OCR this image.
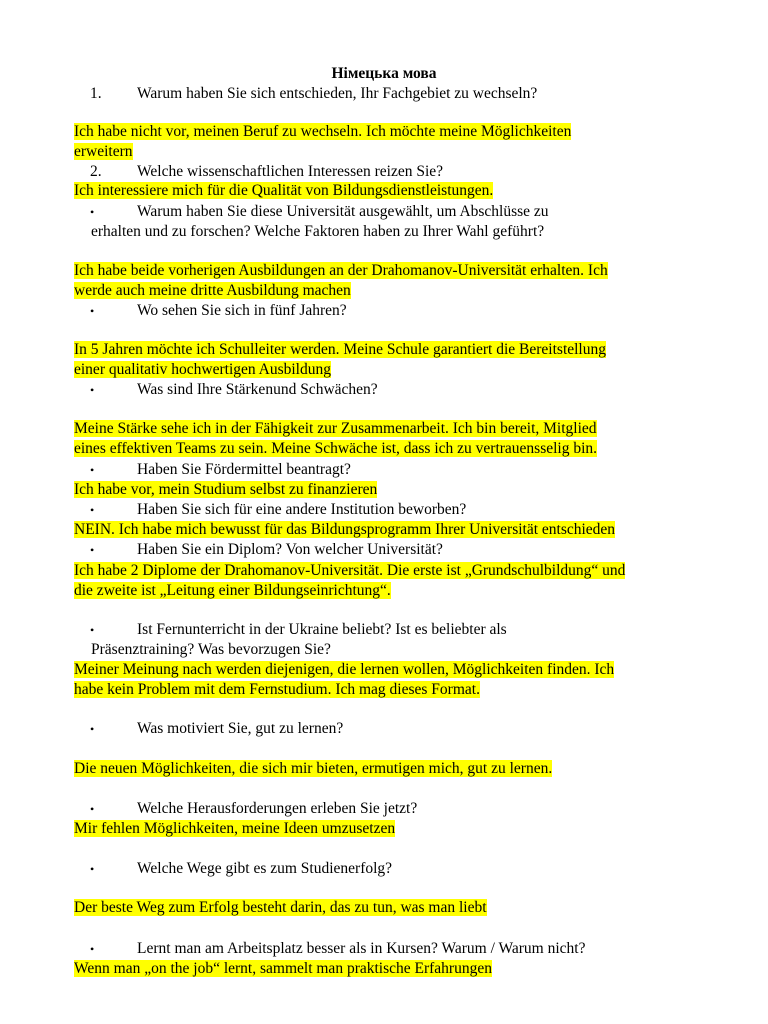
Німецька мова
1. Warum haben Sie sich entschieden, Ihr Fachgebiet zu wechseln?
Ich habe nicht vor, meinen Beruf zu wechseln. Ich möchte meine Möglichkeiten
erweitern
2. Welche wissenschaftlichen Interessen reizen Sie?
Ich interessiere mich für die Qualität von Bildungsdienstleistungen.
•	Warum haben Sie diese Universität ausgewählt, um Abschlüsse zu
erhalten und zu forschen? Welche Faktoren haben zu Ihrer Wahl geführt?
Ich habe beide vorherigen Ausbildungen an der Drahomanov-Universität erhalten. Ich
werde auch meine dritte Ausbildung machen
•	Wo sehen Sie sich in fünf Jahren?
In 5 Jahren möchte ich Schulleiter werden. Meine Schule garantiert die Bereitstellung
einer qualitativ hochwertigen Ausbildung
•	Was sind Ihre Stärkenund Schwächen?
Meine Stärke sehe ich in der Fähigkeit zur Zusammenarbeit. Ich bin bereit, Mitglied
eines effektiven Teams zu sein. Meine Schwäche ist, dass ich zu vertrauensselig bin.
•	Haben Sie Fördermittel beantragt?
Ich habe vor, mein Studium selbst zu finanzieren
•	Haben Sie sich für eine andere Institution beworben?
NEIN. Ich habe mich bewusst für das Bildungsprogramm Ihrer Universität entschieden
•	Haben Sie ein Diplom? Von welcher Universität?
Ich habe 2 Diplome der Drahomanov-Universität. Die erste ist „Grundschulbildung“ und
die zweite ist „Leitung einer Bildungseinrichtung“.
•	Ist Fernunterricht in der Ukraine beliebt? Ist es beliebter als
Präsenztraining? Was bevorzugen Sie?
Meiner Meinung nach werden diejenigen, die lernen wollen, Möglichkeiten finden. Ich
habe kein Problem mit dem Fernstudium. Ich mag dieses Format.
•	Was motiviert Sie, gut zu lernen?
Die neuen Möglichkeiten, die sich mir bieten, ermutigen mich, gut zu lernen.
•	Welche Herausforderungen erleben Sie jetzt?
Mir fehlen Möglichkeiten, meine Ideen umzusetzen
•	Welche Wege gibt es zum Studienerfolg?
Der beste Weg zum Erfolg besteht darin, das zu tun, was man liebt
•	Lernt man am Arbeitsplatz besser als in Kursen? Warum / Warum nicht?
Wenn man „on the job“ lernt, sammelt man praktische Erfahrungen
